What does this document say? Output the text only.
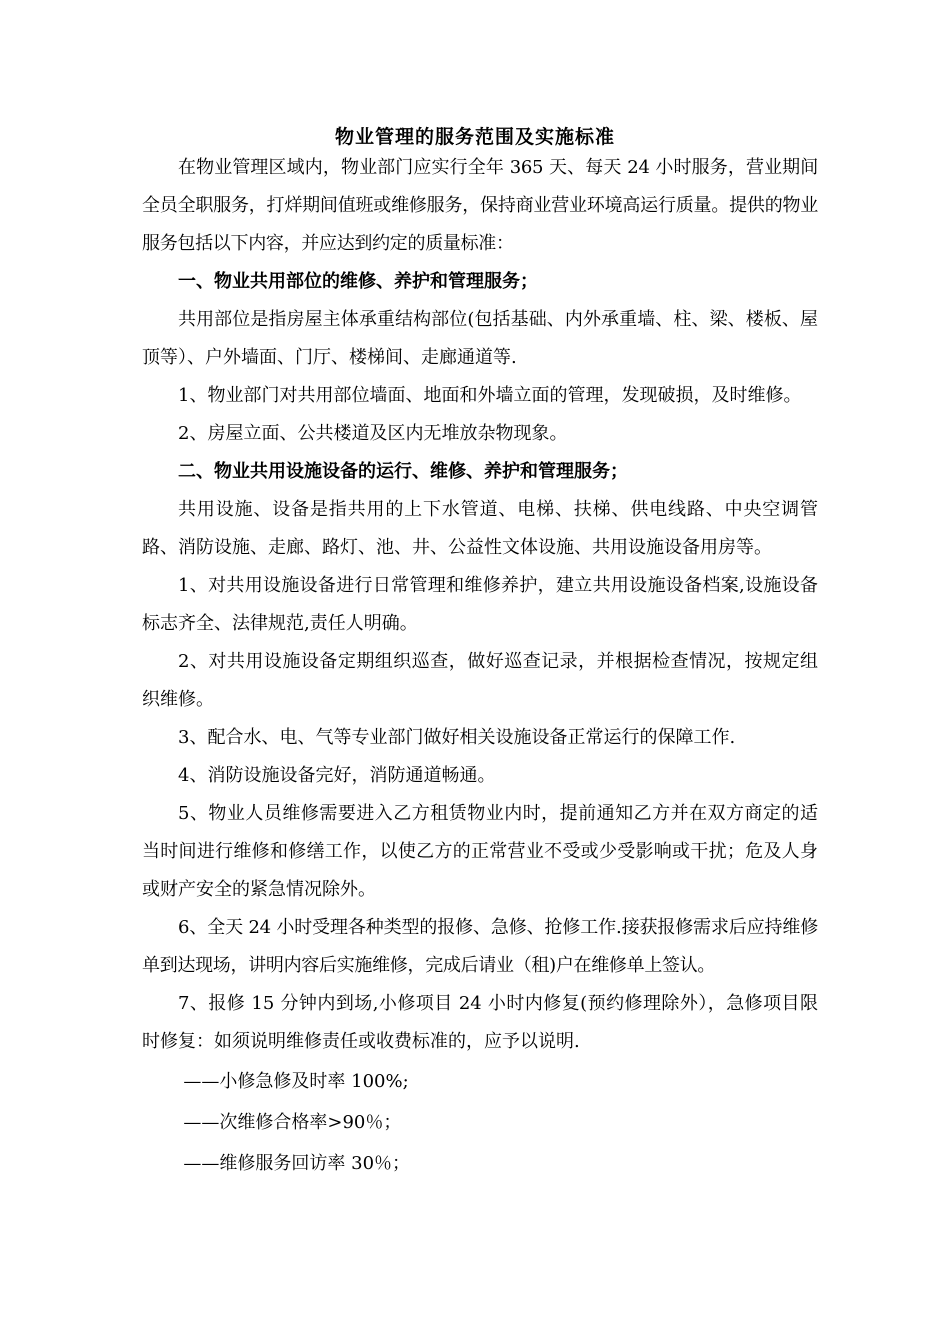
物业管理的服务范围及实施标准

在物业管理区域内，物业部门应实行全年 365 天、每天 24 小时服务，营业期间全员全职服务，打烊期间值班或维修服务，保持商业营业环境高运行质量。提供的物业服务包括以下内容，并应达到约定的质量标准：

一、物业共用部位的维修、养护和管理服务；

共用部位是指房屋主体承重结构部位(包括基础、内外承重墙、柱、梁、楼板、屋顶等）、户外墙面、门厅、楼梯间、走廊通道等.

1、物业部门对共用部位墙面、地面和外墙立面的管理，发现破损，及时维修。

2、房屋立面、公共楼道及区内无堆放杂物现象。

二、物业共用设施设备的运行、维修、养护和管理服务；

共用设施、设备是指共用的上下水管道、电梯、扶梯、供电线路、中央空调管路、消防设施、走廊、路灯、池、井、公益性文体设施、共用设施设备用房等。

1、对共用设施设备进行日常管理和维修养护，建立共用设施设备档案,设施设备标志齐全、法律规范,责任人明确。

2、对共用设施设备定期组织巡查，做好巡查记录，并根据检查情况，按规定组织维修。

3、配合水、电、气等专业部门做好相关设施设备正常运行的保障工作.

4、消防设施设备完好，消防通道畅通。

5、物业人员维修需要进入乙方租赁物业内时，提前通知乙方并在双方商定的适当时间进行维修和修缮工作，以使乙方的正常营业不受或少受影响或干扰；危及人身或财产安全的紧急情况除外。

6、全天 24 小时受理各种类型的报修、急修、抢修工作.接获报修需求后应持维修单到达现场，讲明内容后实施维修，完成后请业（租)户在维修单上签认。

7、报修 15 分钟内到场,小修项目 24 小时内修复(预约修理除外），急修项目限时修复：如须说明维修责任或收费标准的，应予以说明.

——小修急修及时率 100%;

——次维修合格率>90％；

——维修服务回访率 30％；
